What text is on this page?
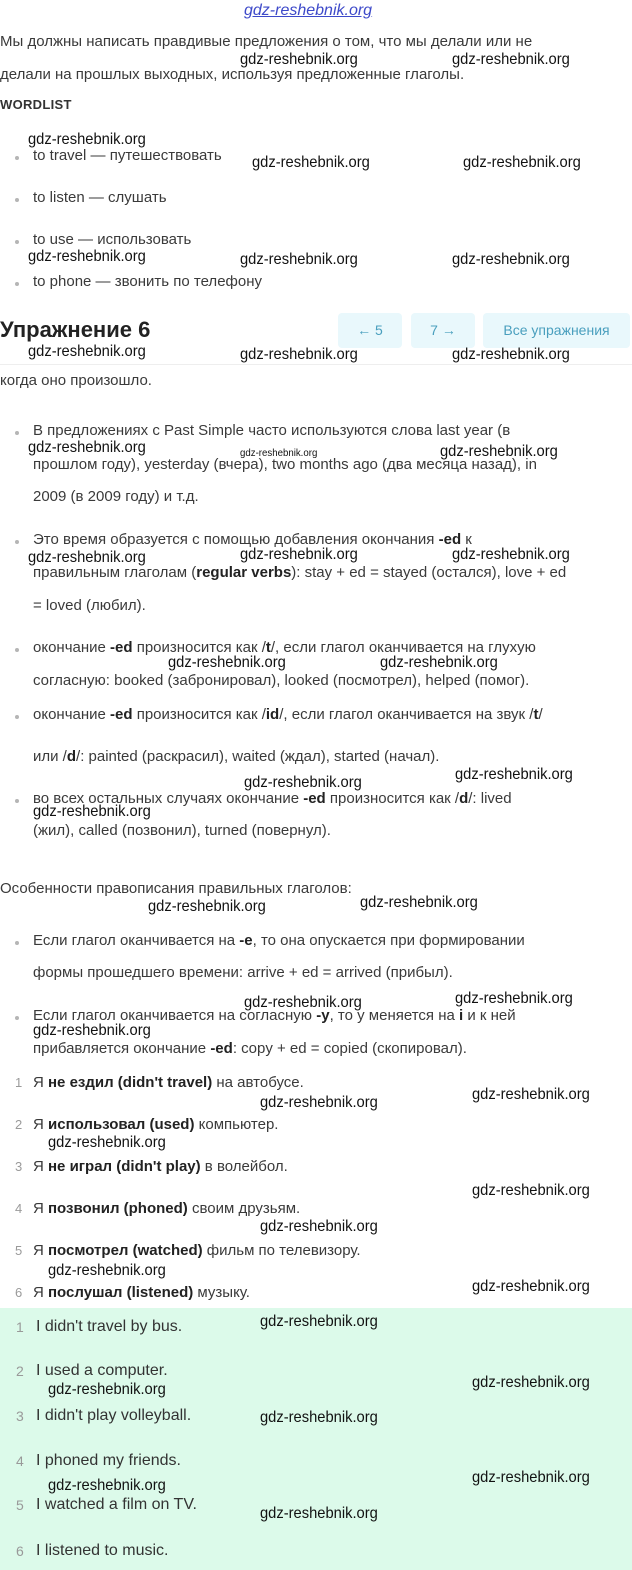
gdz-reshebnik.org
Мы должны написать правдивые предложения о том, что мы делали или не
делали на прошлых выходных, используя предложенные глаголы.
WORDLIST
to travel — путешествовать
to listen — слушать
to use — использовать
to phone — звонить по телефону
Упражнение 6	← 5	7 →	Все упражнения
когда оно произошло.
В предложениях с Past Simple часто используются слова last year (в
прошлом году), yesterday (вчера), two months ago (два месяца назад), in
2009 (в 2009 году) и т.д.
Это время образуется с помощью добавления окончания -ed к
правильным глаголам (regular verbs): stay + ed = stayed (остался), love + ed
= loved (любил).
окончание -ed произносится как /t/, если глагол оканчивается на глухую
согласную: booked (забронировал), looked (посмотрел), helped (помог).
окончание -ed произносится как /id/, если глагол оканчивается на звук /t/
или /d/: painted (раскрасил), waited (ждал), started (начал).
во всех остальных случаях окончание -ed произносится как /d/: lived
(жил), called (позвонил), turned (повернул).
Особенности правописания правильных глаголов:
Если глагол оканчивается на -e, то она опускается при формировании
формы прошедшего времени: arrive + ed = arrived (прибыл).
Если глагол оканчивается на согласную -y, то у меняется на i и к ней
прибавляется окончание -ed: copy + ed = copied (скопировал).
1 Я не ездил (didn't travel) на автобусе.
2 Я использовал (used) компьютер.
3 Я не играл (didn't play) в волейбол.
4 Я позвонил (phoned) своим друзьям.
5 Я посмотрел (watched) фильм по телевизору.
6 Я послушал (listened) музыку.
1 I didn't travel by bus.
2 I used a computer.
3 I didn't play volleyball.
4 I phoned my friends.
5 I watched a film on TV.
6 I listened to music.
gdz-reshebnik.org	gdz-reshebnik.org
gdz-reshebnik.org
gdz-reshebnik.org	gdz-reshebnik.org
gdz-reshebnik.org	gdz-reshebnik.org	gdz-reshebnik.org
gdz-reshebnik.org	gdz-reshebnik.org	gdz-reshebnik.org
gdz-reshebnik.org	gdz-reshebnik.org
gdz-reshebnik.org	gdz-reshebnik.org	gdz-reshebnik.org
gdz-reshebnik.org	gdz-reshebnik.org
gdz-reshebnik.org	gdz-reshebnik.org
gdz-reshebnik.org
gdz-reshebnik.org	gdz-reshebnik.org
gdz-reshebnik.org	gdz-reshebnik.org
gdz-reshebnik.org
gdz-reshebnik.org	gdz-reshebnik.org
gdz-reshebnik.org
gdz-reshebnik.org
gdz-reshebnik.org
gdz-reshebnik.org
gdz-reshebnik.org
gdz-reshebnik.org
gdz-reshebnik.org	gdz-reshebnik.org
gdz-reshebnik.org
gdz-reshebnik.org	gdz-reshebnik.org
gdz-reshebnik.org
gdz-reshebnik.org
